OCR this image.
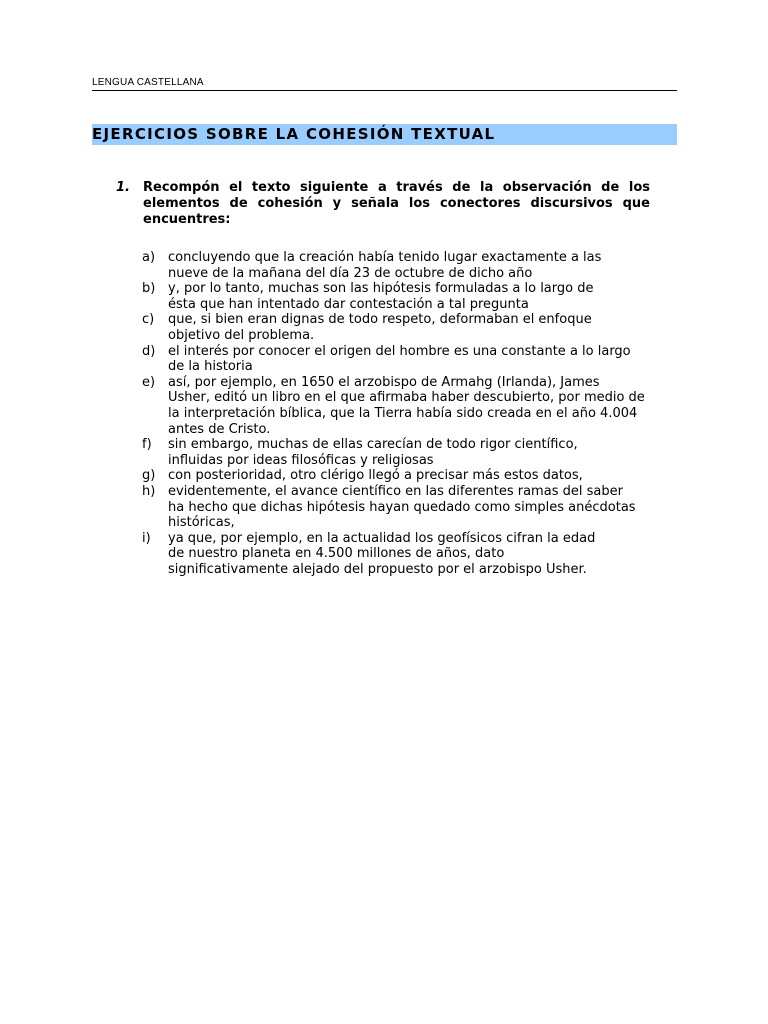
LENGUA CASTELLANA
EJERCICIOS SOBRE LA COHESIÓN TEXTUAL
1. Recompón el texto siguiente a través de la observación de los
elementos de cohesión y señala los conectores discursivos que
encuentres:
a) concluyendo que la creación había tenido lugar exactamente a las
nueve de la mañana del día 23 de octubre de dicho año
b) y, por lo tanto, muchas son las hipótesis formuladas a lo largo de
ésta que han intentado dar contestación a tal pregunta
c) que, si bien eran dignas de todo respeto, deformaban el enfoque
objetivo del problema.
d) el interés por conocer el origen del hombre es una constante a lo largo
de la historia
e) así, por ejemplo, en 1650 el arzobispo de Armahg (Irlanda), James
Usher, editó un libro en el que afirmaba haber descubierto, por medio de
la interpretación bíblica, que la Tierra había sido creada en el año 4.004
antes de Cristo.
f) sin embargo, muchas de ellas carecían de todo rigor científico,
influidas por ideas filosóficas y religiosas
g) con posterioridad, otro clérigo llegó a precisar más estos datos,
h) evidentemente, el avance científico en las diferentes ramas del saber
ha hecho que dichas hipótesis hayan quedado como simples anécdotas
históricas,
i) ya que, por ejemplo, en la actualidad los geofísicos cifran la edad
de nuestro planeta en 4.500 millones de años, dato
significativamente alejado del propuesto por el arzobispo Usher.
